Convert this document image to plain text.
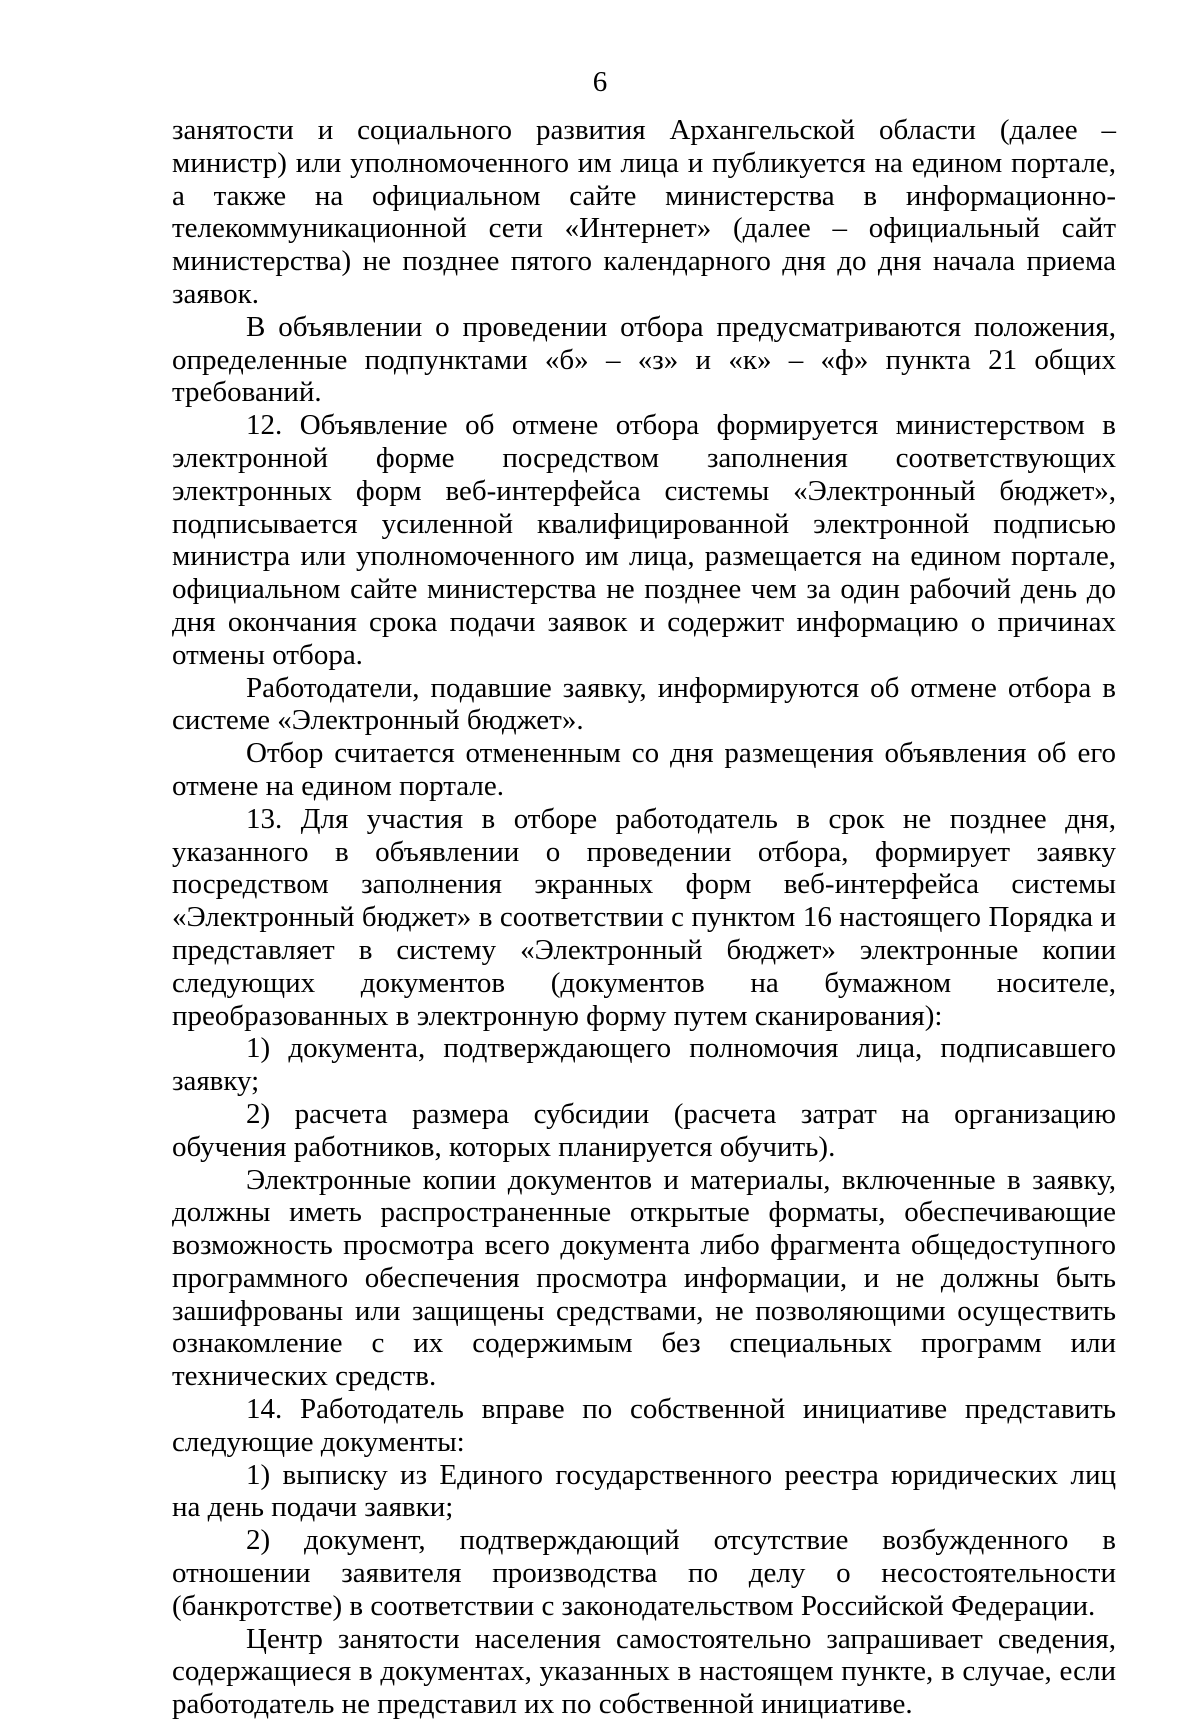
6

занятости и социального развития Архангельской области (далее – министр) или уполномоченного им лица и публикуется на едином портале, а также на официальном сайте министерства в информационно-телекоммуникационной сети «Интернет» (далее – официальный сайт министерства) не позднее пятого календарного дня до дня начала приема заявок.

В объявлении о проведении отбора предусматриваются положения, определенные подпунктами «б» – «з» и «к» – «ф» пункта 21 общих требований.

12. Объявление об отмене отбора формируется министерством в электронной форме посредством заполнения соответствующих электронных форм веб-интерфейса системы «Электронный бюджет», подписывается усиленной квалифицированной электронной подписью министра или уполномоченного им лица, размещается на едином портале, официальном сайте министерства не позднее чем за один рабочий день до дня окончания срока подачи заявок и содержит информацию о причинах отмены отбора.

Работодатели, подавшие заявку, информируются об отмене отбора в системе «Электронный бюджет».

Отбор считается отмененным со дня размещения объявления об его отмене на едином портале.

13. Для участия в отборе работодатель в срок не позднее дня, указанного в объявлении о проведении отбора, формирует заявку посредством заполнения экранных форм веб-интерфейса системы «Электронный бюджет» в соответствии с пунктом 16 настоящего Порядка и представляет в систему «Электронный бюджет» электронные копии следующих документов (документов на бумажном носителе, преобразованных в электронную форму путем сканирования):

1) документа, подтверждающего полномочия лица, подписавшего заявку;

2) расчета размера субсидии (расчета затрат на организацию обучения работников, которых планируется обучить).

Электронные копии документов и материалы, включенные в заявку, должны иметь распространенные открытые форматы, обеспечивающие возможность просмотра всего документа либо фрагмента общедоступного программного обеспечения просмотра информации, и не должны быть зашифрованы или защищены средствами, не позволяющими осуществить ознакомление с их содержимым без специальных программ или технических средств.

14. Работодатель вправе по собственной инициативе представить следующие документы:

1) выписку из Единого государственного реестра юридических лиц на день подачи заявки;

2) документ, подтверждающий отсутствие возбужденного в отношении заявителя производства по делу о несостоятельности (банкротстве) в соответствии с законодательством Российской Федерации.

Центр занятости населения самостоятельно запрашивает сведения, содержащиеся в документах, указанных в настоящем пункте, в случае, если работодатель не представил их по собственной инициативе.
